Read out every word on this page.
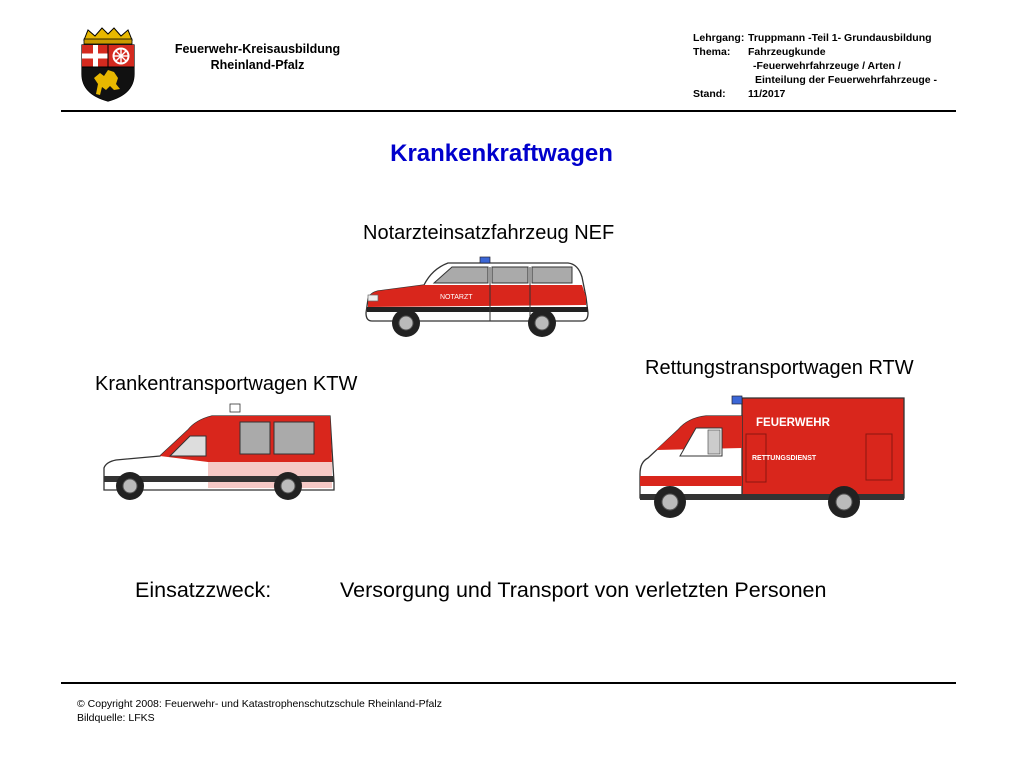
Feuerwehr-Kreisausbildung
Rheinland-Pfalz
Lehrgang: Truppmann -Teil 1- Grundausbildung
Thema: Fahrzeugkunde
-Feuerwehrfahrzeuge / Arten /
Einteilung der Feuerwehrfahrzeuge -
Stand: 11/2017
Krankenkraftwagen
Notarzteinsatzfahrzeug NEF
NOTARZT
Rettungstransportwagen RTW
FEUERWEHR
RETTUNGSDIENST
Krankentransportwagen KTW
Einsatzzweck:	Versorgung und Transport von verletzten Personen
© Copyright 2008: Feuerwehr- und Katastrophenschutzschule Rheinland-Pfalz
Bildquelle: LFKS
